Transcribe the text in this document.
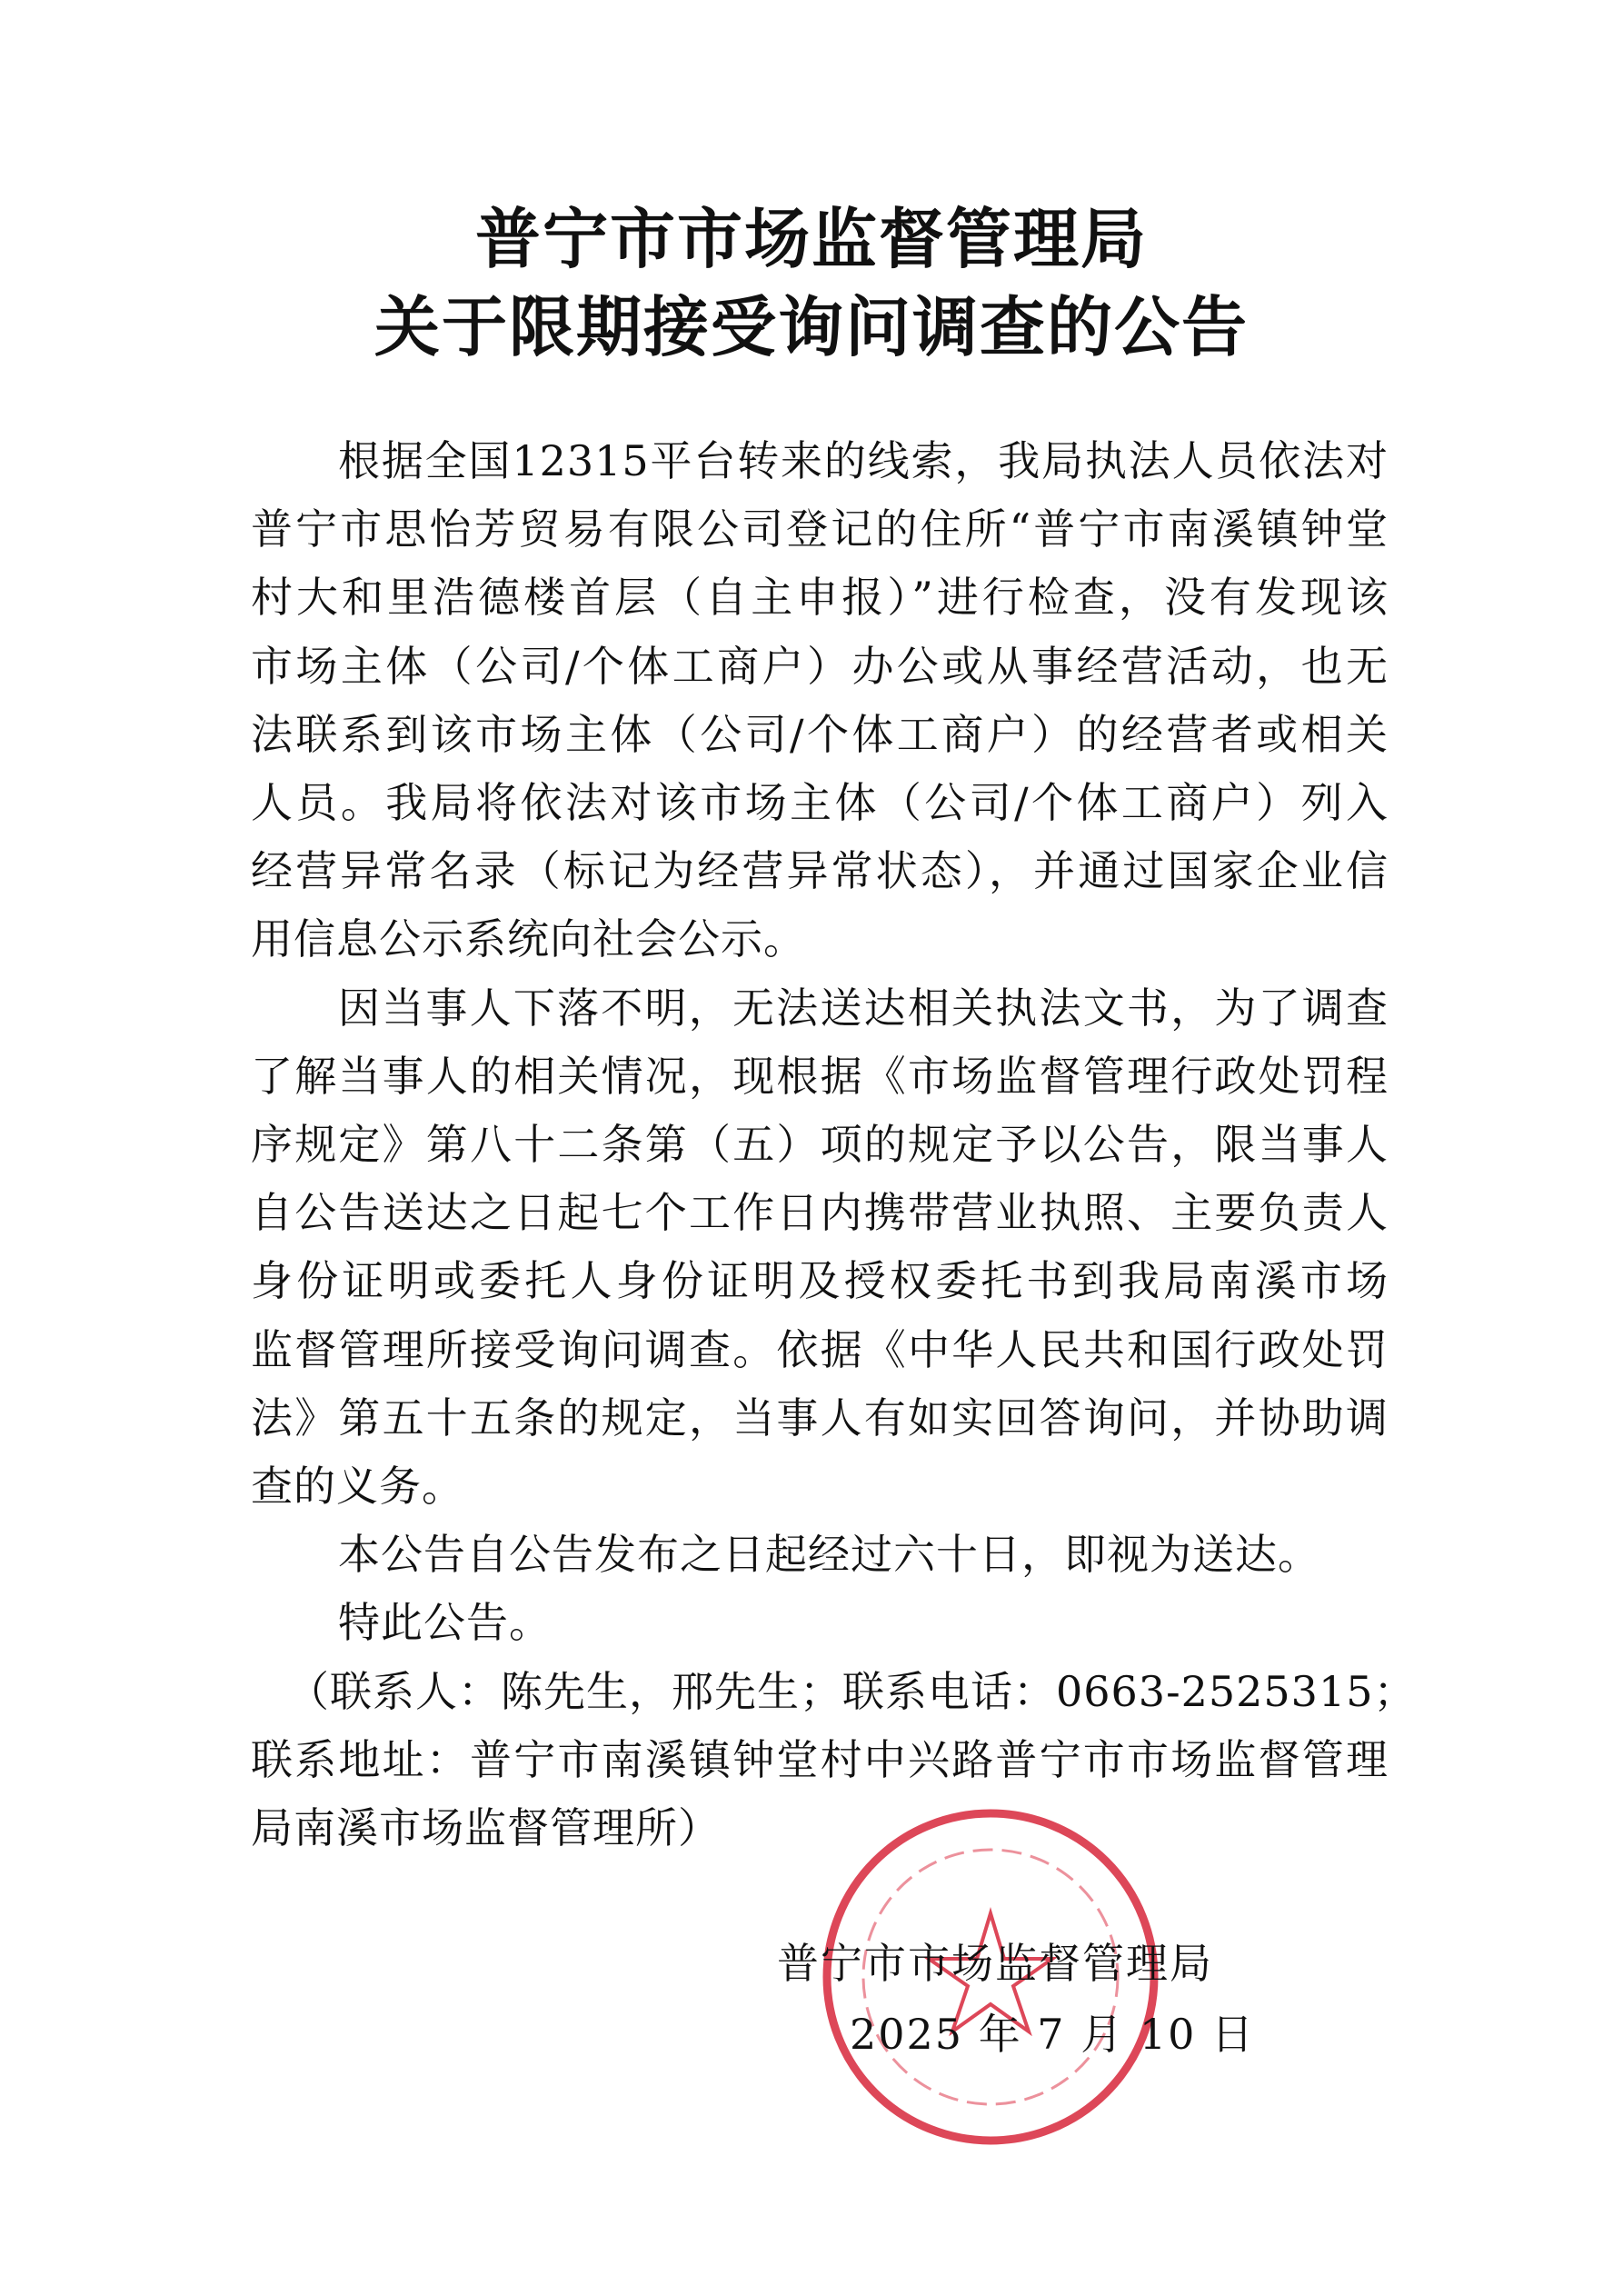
普宁市市场监督管理局
关于限期接受询问调查的公告
根据全国12315平台转来的线索，我局执法人员依法对
普宁市思怡芳贸易有限公司登记的住所“普宁市南溪镇钟堂
村大和里浩德楼首层（自主申报）”进行检查，没有发现该
市场主体（公司/个体工商户）办公或从事经营活动，也无
法联系到该市场主体（公司/个体工商户）的经营者或相关
人员。我局将依法对该市场主体（公司/个体工商户）列入
经营异常名录（标记为经营异常状态），并通过国家企业信
用信息公示系统向社会公示。
因当事人下落不明，无法送达相关执法文书，为了调查
了解当事人的相关情况，现根据《市场监督管理行政处罚程
序规定》第八十二条第（五）项的规定予以公告，限当事人
自公告送达之日起七个工作日内携带营业执照、主要负责人
身份证明或委托人身份证明及授权委托书到我局南溪市场
监督管理所接受询问调查。依据《中华人民共和国行政处罚
法》第五十五条的规定，当事人有如实回答询问，并协助调
查的义务。
本公告自公告发布之日起经过六十日，即视为送达。
特此公告。
（联系人：陈先生，邢先生；联系电话：0663-2525315；
联系地址：普宁市南溪镇钟堂村中兴路普宁市市场监督管理
局南溪市场监督管理所）
普宁市市场监督管理局
2025 年 7 月 10 日
